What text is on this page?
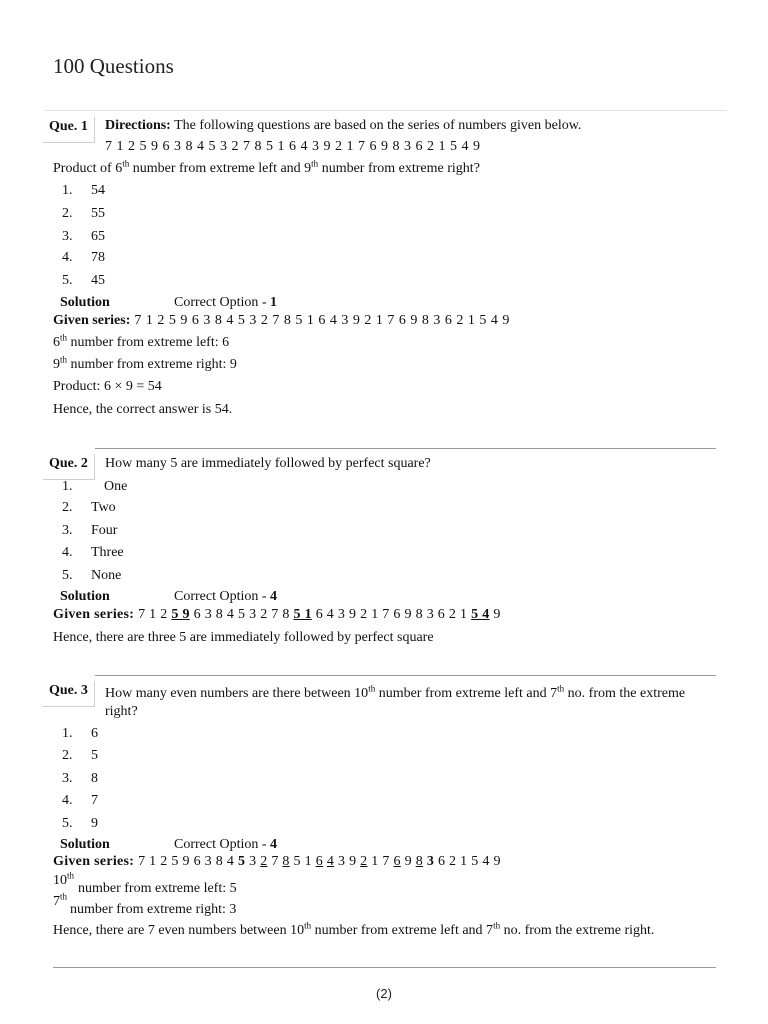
100 Questions
Que. 1	Directions: The following questions are based on the series of numbers given below.
7 1 2 5 9 6 3 8 4 5 3 2 7 8 5 1 6 4 3 9 2 1 7 6 9 8 3 6 2 1 5 4 9
Product of 6th number from extreme left and 9th number from extreme right?
1. 54
2. 55
3. 65
4. 78
5. 45
Solution	Correct Option - 1
Given series: 7 1 2 5 9 6 3 8 4 5 3 2 7 8 5 1 6 4 3 9 2 1 7 6 9 8 3 6 2 1 5 4 9
6th number from extreme left: 6
9th number from extreme right: 9
Product: 6 × 9 = 54
Hence, the correct answer is 54.
Que. 2	How many 5 are immediately followed by perfect square?
1. One
2. Two
3. Four
4. Three
5. None
Solution	Correct Option - 4
Given series: 7 1 2 5 9 6 3 8 4 5 3 2 7 8 5 1 6 4 3 9 2 1 7 6 9 8 3 6 2 1 5 4 9
Hence, there are three 5 are immediately followed by perfect square
Que. 3	How many even numbers are there between 10th number from extreme left and 7th no. from the extreme
right?
1. 6
2. 5
3. 8
4. 7
5. 9
Solution	Correct Option - 4
Given series: 7 1 2 5 9 6 3 8 4 5 3 2 7 8 5 1 6 4 3 9 2 1 7 6 9 8 3 6 2 1 5 4 9
10th
number from extreme left: 5
7th
number from extreme right: 3
Hence, there are 7 even numbers between 10th number from extreme left and 7th no. from the extreme right.
(2)
